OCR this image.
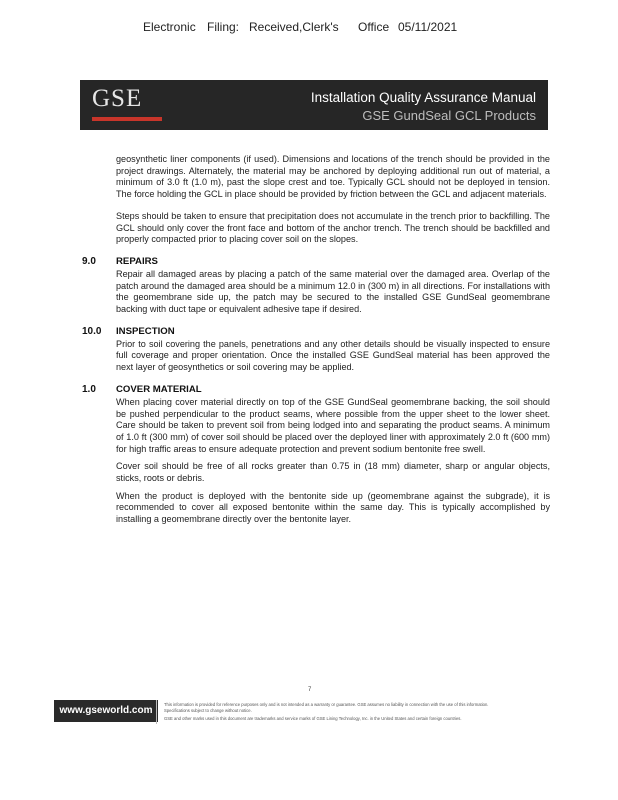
Electronic Filing: Received,Clerk's Office 05/11/2021
GSE	Installation Quality Assurance Manual
GSE GundSeal GCL Products

geosynthetic liner components (if used). Dimensions and locations of the trench should be provided in the project drawings. Alternately, the material may be anchored by deploying additional run out of material, a minimum of 3.0 ft (1.0 m), past the slope crest and toe. Typically GCL should not be deployed in tension. The force holding the GCL in place should be provided by friction between the GCL and adjacent materials.

Steps should be taken to ensure that precipitation does not accumulate in the trench prior to backfilling. The GCL should only cover the front face and bottom of the anchor trench. The trench should be backfilled and properly compacted prior to placing cover soil on the slopes.

9.0	REPAIRS

Repair all damaged areas by placing a patch of the same material over the damaged area. Overlap of the patch around the damaged area should be a minimum 12.0 in (300 m) in all directions. For installations with the geomembrane side up, the patch may be secured to the installed GSE GundSeal geomembrane backing with duct tape or equivalent adhesive tape if desired.

10.0	INSPECTION

Prior to soil covering the panels, penetrations and any other details should be visually inspected to ensure full coverage and proper orientation. Once the installed GSE GundSeal material has been approved the next layer of geosynthetics or soil covering may be applied.

1.0	COVER MATERIAL

When placing cover material directly on top of the GSE GundSeal geomembrane backing, the soil should be pushed perpendicular to the product seams, where possible from the upper sheet to the lower sheet. Care should be taken to prevent soil from being lodged into and separating the product seams. A minimum of 1.0 ft (300 mm) of cover soil should be placed over the deployed liner with approximately 2.0 ft (600 mm) for high traffic areas to ensure adequate protection and prevent sodium bentonite free swell.

Cover soil should be free of all rocks greater than 0.75 in (18 mm) diameter, sharp or angular objects, sticks, roots or debris.

When the product is deployed with the bentonite side up (geomembrane against the subgrade), it is recommended to cover all exposed bentonite within the same day. This is typically accomplished by installing a geomembrane directly over the bentonite layer.

7
www.gseworld.com
This information is provided for reference purposes only and is not intended as a warranty or guarantee. GSE assumes no liability in connection with the use of this information.
Specifications subject to change without notice.
GSE and other marks used in this document are trademarks and service marks of GSE Lining Technology, Inc. in the United States and certain foreign countries.
